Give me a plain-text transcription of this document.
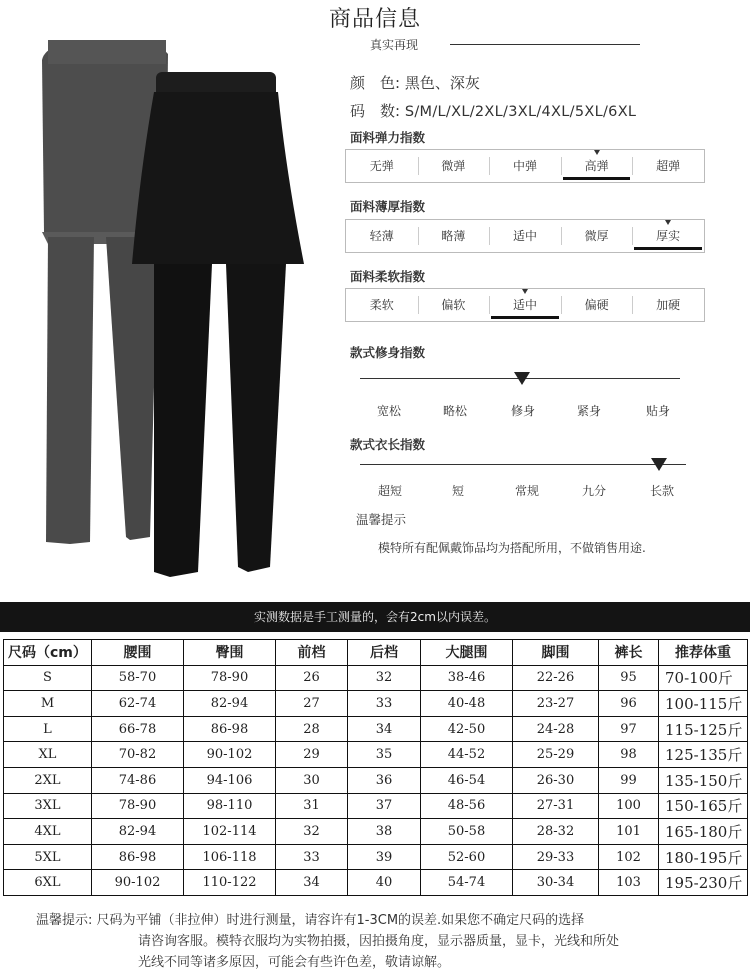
商品信息
真实再现
颜　色: 黑色、深灰
码　数: S/M/L/XL/2XL/3XL/4XL/5XL/6XL
面料弹力指数
无弹	微弹	中弹	高弹	超弹
面料薄厚指数
轻薄	略薄	适中	微厚	厚实
面料柔软指数
柔软	偏软	适中	偏硬	加硬
款式修身指数
宽松	略松	修身	紧身	贴身
款式衣长指数
超短	短	常规	九分	长款
温馨提示
模特所有配佩戴饰品均为搭配所用，不做销售用途.
实测数据是手工测量的，会有2cm以内误差。
尺码（cm）	腰围	臀围	前档	后档	大腿围	脚围	裤长	推荐体重
S	58-70	78-90	26	32	38-46	22-26	95	70-100斤
M	62-74	82-94	27	33	40-48	23-27	96	100-115斤
L	66-78	86-98	28	34	42-50	24-28	97	115-125斤
XL	70-82	90-102	29	35	44-52	25-29	98	125-135斤
2XL	74-86	94-106	30	36	46-54	26-30	99	135-150斤
3XL	78-90	98-110	31	37	48-56	27-31	100	150-165斤
4XL	82-94	102-114	32	38	50-58	28-32	101	165-180斤
5XL	86-98	106-118	33	39	52-60	29-33	102	180-195斤
6XL	90-102	110-122	34	40	54-74	30-34	103	195-230斤
温馨提示: 尺码为平铺（非拉伸）时进行测量，请容许有1-3CM的误差.如果您不确定尺码的选择
请咨询客服。模特衣服均为实物拍摄，因拍摄角度，显示器质量，显卡，光线和所处
光线不同等诸多原因，可能会有些许色差，敬请谅解。
